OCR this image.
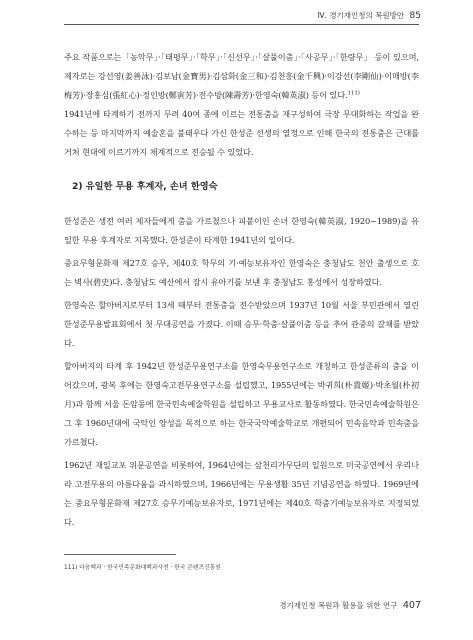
Ⅳ. 경기재인청의 복원방안 85

주요 작품으로는「농악무」·「태평무」·「학무」·「신선무」·「살풀이춤」·「사공무」·「한량무」 등이 있으며, 제자로는 강선영(姜善泳)·김보남(金寶男)·김삼화(金三和)·김천흥(金千興)·이강선(李剛仙)·이매방(李梅芳)·장홍심(張紅心)·정인방(鄭寅芳)·전수방(陳壽芳)·한영숙(韓英淑) 등이 있다.$^{111)}$

1941년에 타계하기 전까지 무려 40여 종에 이르는 전통춤을 재구성하여 극장 무대화하는 작업을 완수하는 등 마지막까지 예술혼을 불태우다 가신 한성준 선생의 열정으로 인해 한국의 전통춤은 근대를 거쳐 현대에 이르기까지 체계적으로 전승될 수 있었다.

2) 유일한 무용 후계자, 손녀 한영숙

한성준은 생전 여러 제자들에게 춤을 가르쳤으나 피붙이인 손녀 한영숙(韓英淑, 1920~1989)을 유일한 무용 후계자로 지목했다. 한성준이 타계한 1941년의 일이다.

중요무형문화재 제27호 승무, 제40호 학무의 기·예능보유자인 한영숙은 충청남도 천안 출생으로 호는 벽사(碧史)다. 충청남도 예산에서 잠시 유아기를 보낸 후 충청남도 홍성에서 성장하였다.

한영숙은 할아버지로부터 13세 때부터 전통춤을 전수받았으며 1937년 10월 서울 부민관에서 열린 한성준무용발표회에서 첫 무대공연을 가졌다. 이때 승무·학춤·살풀이춤 등을 추어 관중의 갈채를 받았다.

할아버지의 타계 후 1942년 한성준무용연구소를 한영숙무용연구소로 개칭하고 한성준류의 춤을 이어갔으며, 광복 후에는 한영숙고전무용연구소를 설립했고, 1955년에는 박귀희(朴貴姬)·박초월(朴初月)과 함께 서울 돈암동에 한국민속예술학원을 설립하고 무용교사로 활동하였다. 한국민속예술학원은 그 후 1960년대에 국악인 양성을 목적으로 하는 한국국악예술학교로 개편되어 민속음악과 민속춤을 가르쳤다.

1962년 재일교포 위문공연을 비롯하여, 1964년에는 삼천리가무단의 일원으로 미국공연에서 우리나라 고전무용의 아름다움을 과시하였으며, 1966년에는 무용생활 35년 기념공연을 하였다. 1969년에는 중요무형문화재 제27호 승무기예능보유자로, 1971년에는 제40호 학춤기예능보유자로 지정되었다.

111) 다음백과 · 한국민족문화대백과사전 · 한국 콘텐츠진흥원
경기재인청 복원과 활용을 위한 연구 407
